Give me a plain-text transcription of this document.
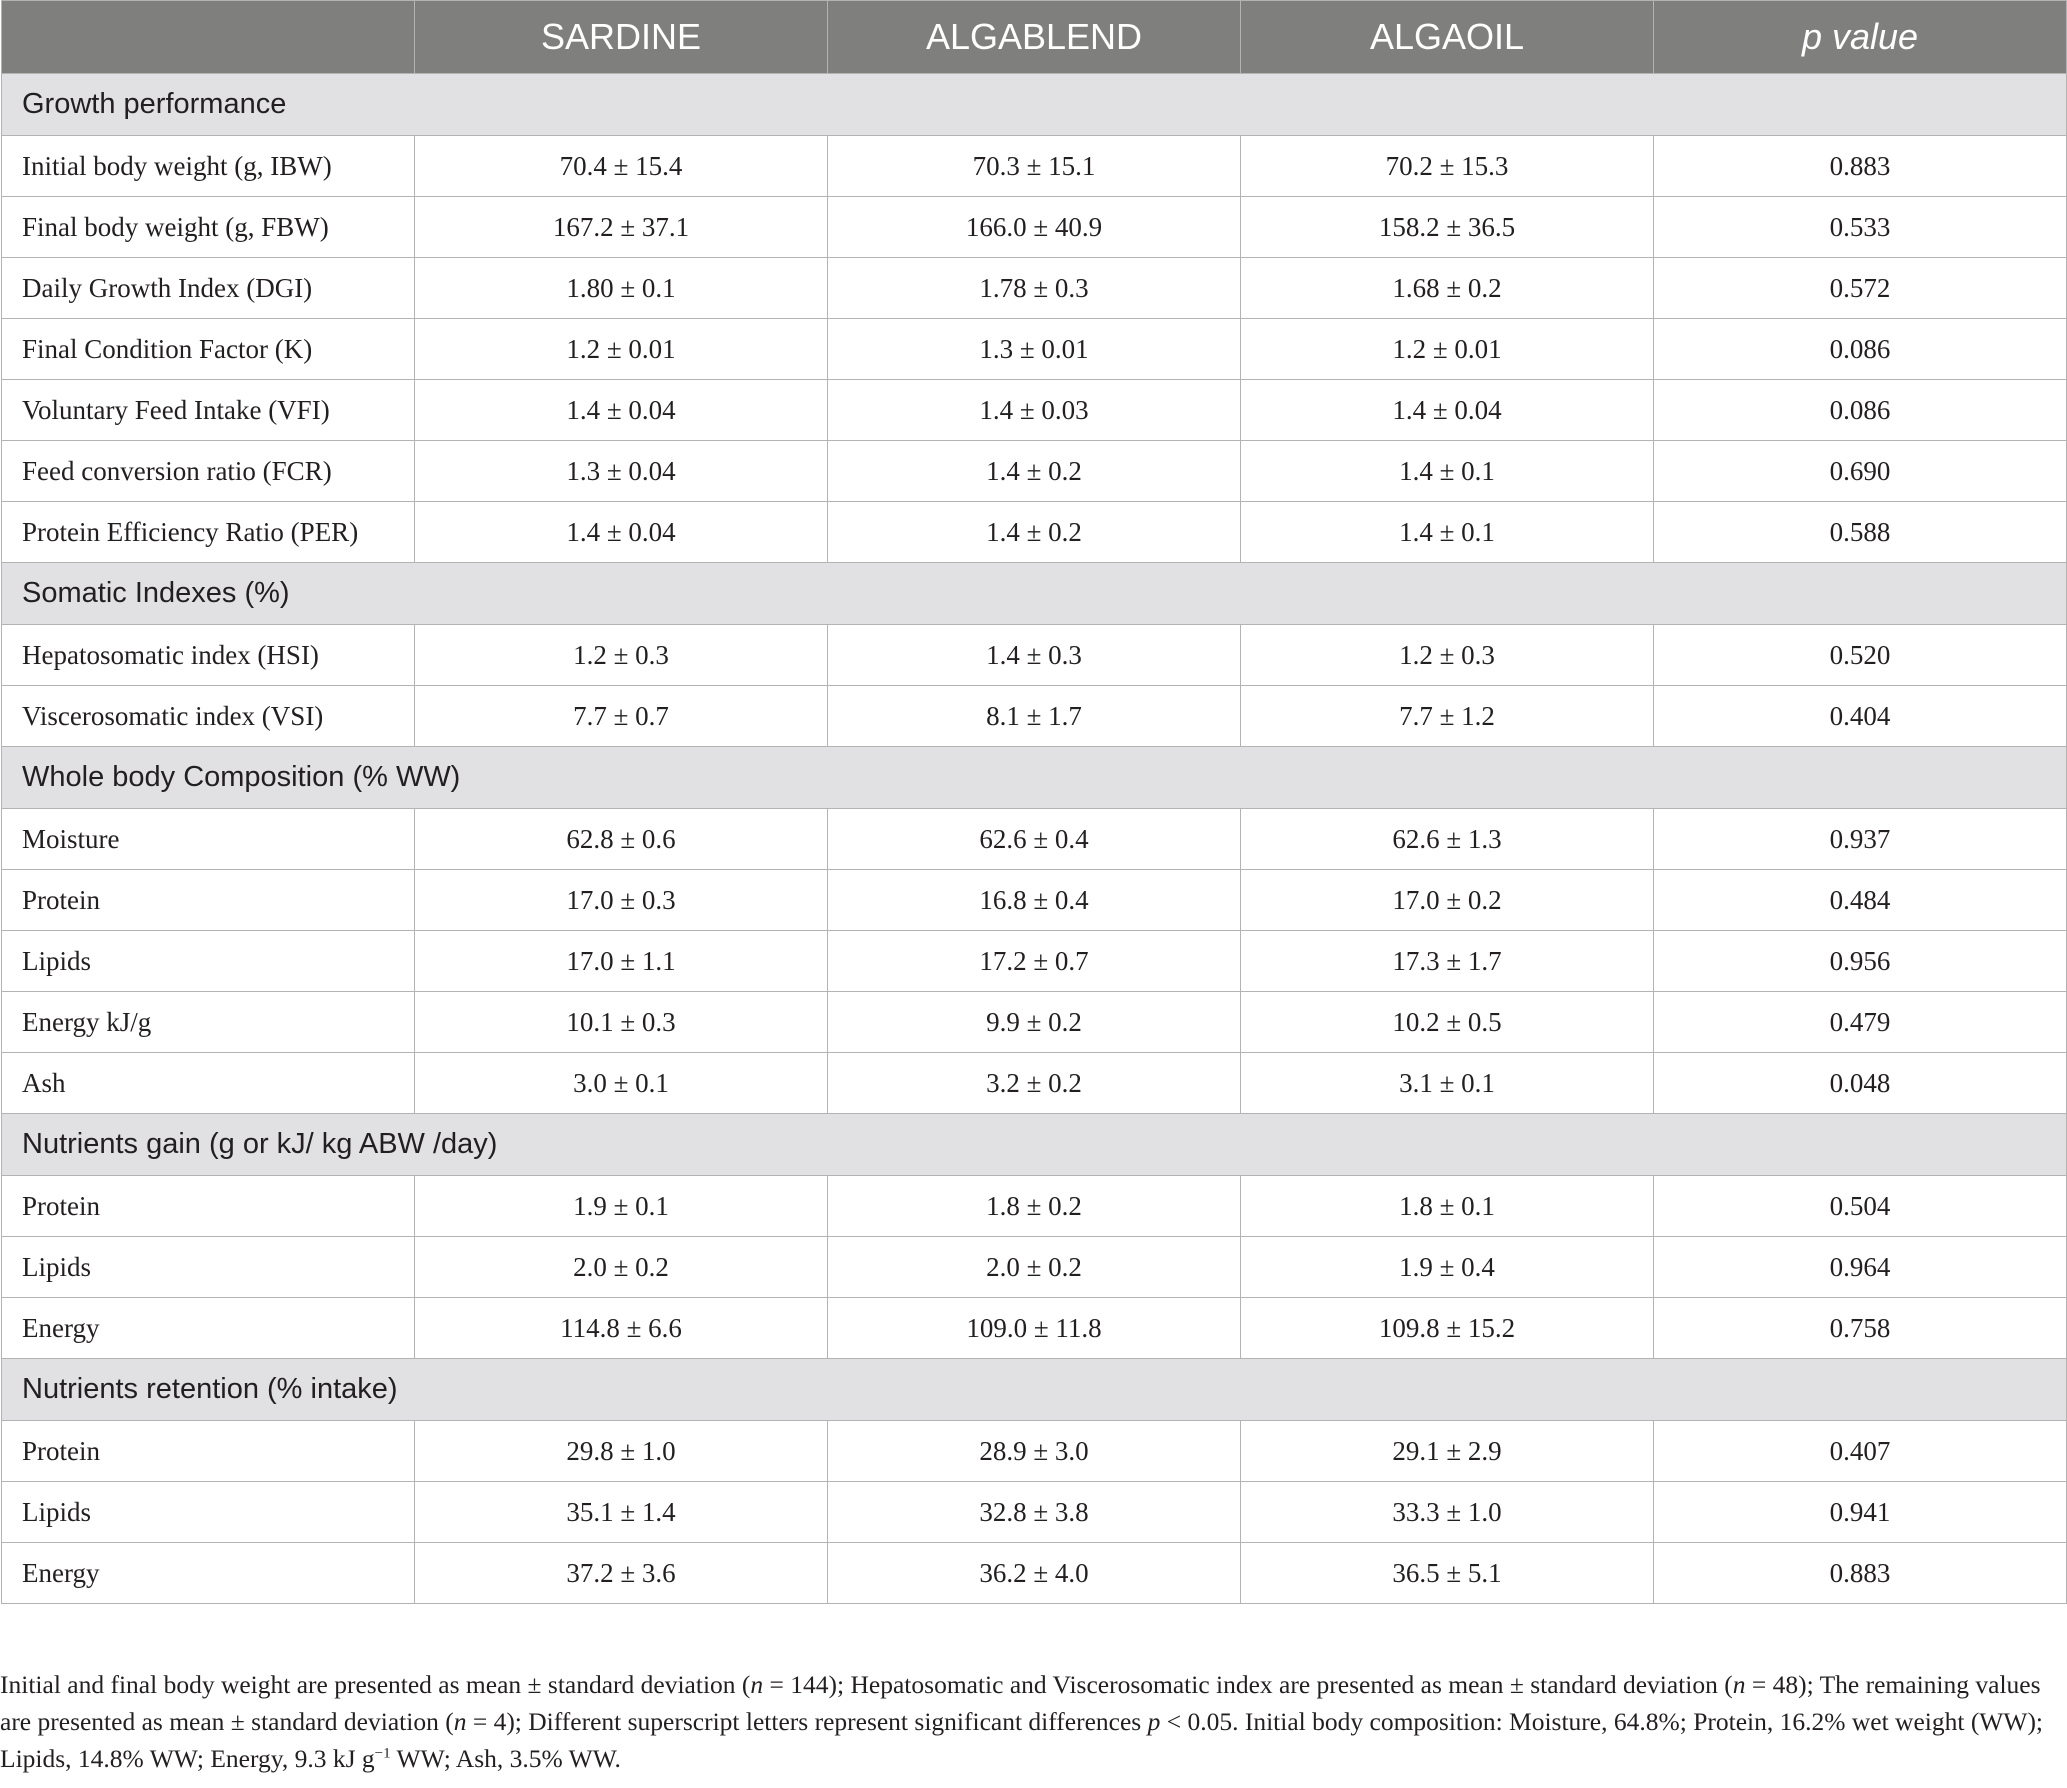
	SARDINE	ALGABLEND	ALGAOIL	p value
Growth performance				
Initial body weight (g, IBW)	70.4 ± 15.4	70.3 ± 15.1	70.2 ± 15.3	0.883
Final body weight (g, FBW)	167.2 ± 37.1	166.0 ± 40.9	158.2 ± 36.5	0.533
Daily Growth Index (DGI)	1.80 ± 0.1	1.78 ± 0.3	1.68 ± 0.2	0.572
Final Condition Factor (K)	1.2 ± 0.01	1.3 ± 0.01	1.2 ± 0.01	0.086
Voluntary Feed Intake (VFI)	1.4 ± 0.04	1.4 ± 0.03	1.4 ± 0.04	0.086
Feed conversion ratio (FCR)	1.3 ± 0.04	1.4 ± 0.2	1.4 ± 0.1	0.690
Protein Efficiency Ratio (PER)	1.4 ± 0.04	1.4 ± 0.2	1.4 ± 0.1	0.588
Somatic Indexes (%)				
Hepatosomatic index (HSI)	1.2 ± 0.3	1.4 ± 0.3	1.2 ± 0.3	0.520
Viscerosomatic index (VSI)	7.7 ± 0.7	8.1 ± 1.7	7.7 ± 1.2	0.404
Whole body Composition (% WW)				
Moisture	62.8 ± 0.6	62.6 ± 0.4	62.6 ± 1.3	0.937
Protein	17.0 ± 0.3	16.8 ± 0.4	17.0 ± 0.2	0.484
Lipids	17.0 ± 1.1	17.2 ± 0.7	17.3 ± 1.7	0.956
Energy kJ/g	10.1 ± 0.3	9.9 ± 0.2	10.2 ± 0.5	0.479
Ash	3.0 ± 0.1	3.2 ± 0.2	3.1 ± 0.1	0.048
Nutrients gain (g or kJ/ kg ABW /day)				
Protein	1.9 ± 0.1	1.8 ± 0.2	1.8 ± 0.1	0.504
Lipids	2.0 ± 0.2	2.0 ± 0.2	1.9 ± 0.4	0.964
Energy	114.8 ± 6.6	109.0 ± 11.8	109.8 ± 15.2	0.758
Nutrients retention (% intake)				
Protein	29.8 ± 1.0	28.9 ± 3.0	29.1 ± 2.9	0.407
Lipids	35.1 ± 1.4	32.8 ± 3.8	33.3 ± 1.0	0.941
Energy	37.2 ± 3.6	36.2 ± 4.0	36.5 ± 5.1	0.883

Initial and final body weight are presented as mean ± standard deviation (n = 144); Hepatosomatic and Viscerosomatic index are presented as mean ± standard deviation (n = 48); The remaining values are presented as mean ± standard deviation (n = 4); Different superscript letters represent significant differences p < 0.05. Initial body composition: Moisture, 64.8%; Protein, 16.2% wet weight (WW); Lipids, 14.8% WW; Energy, 9.3 kJ $g^{-1}$ WW; Ash, 3.5% WW.
